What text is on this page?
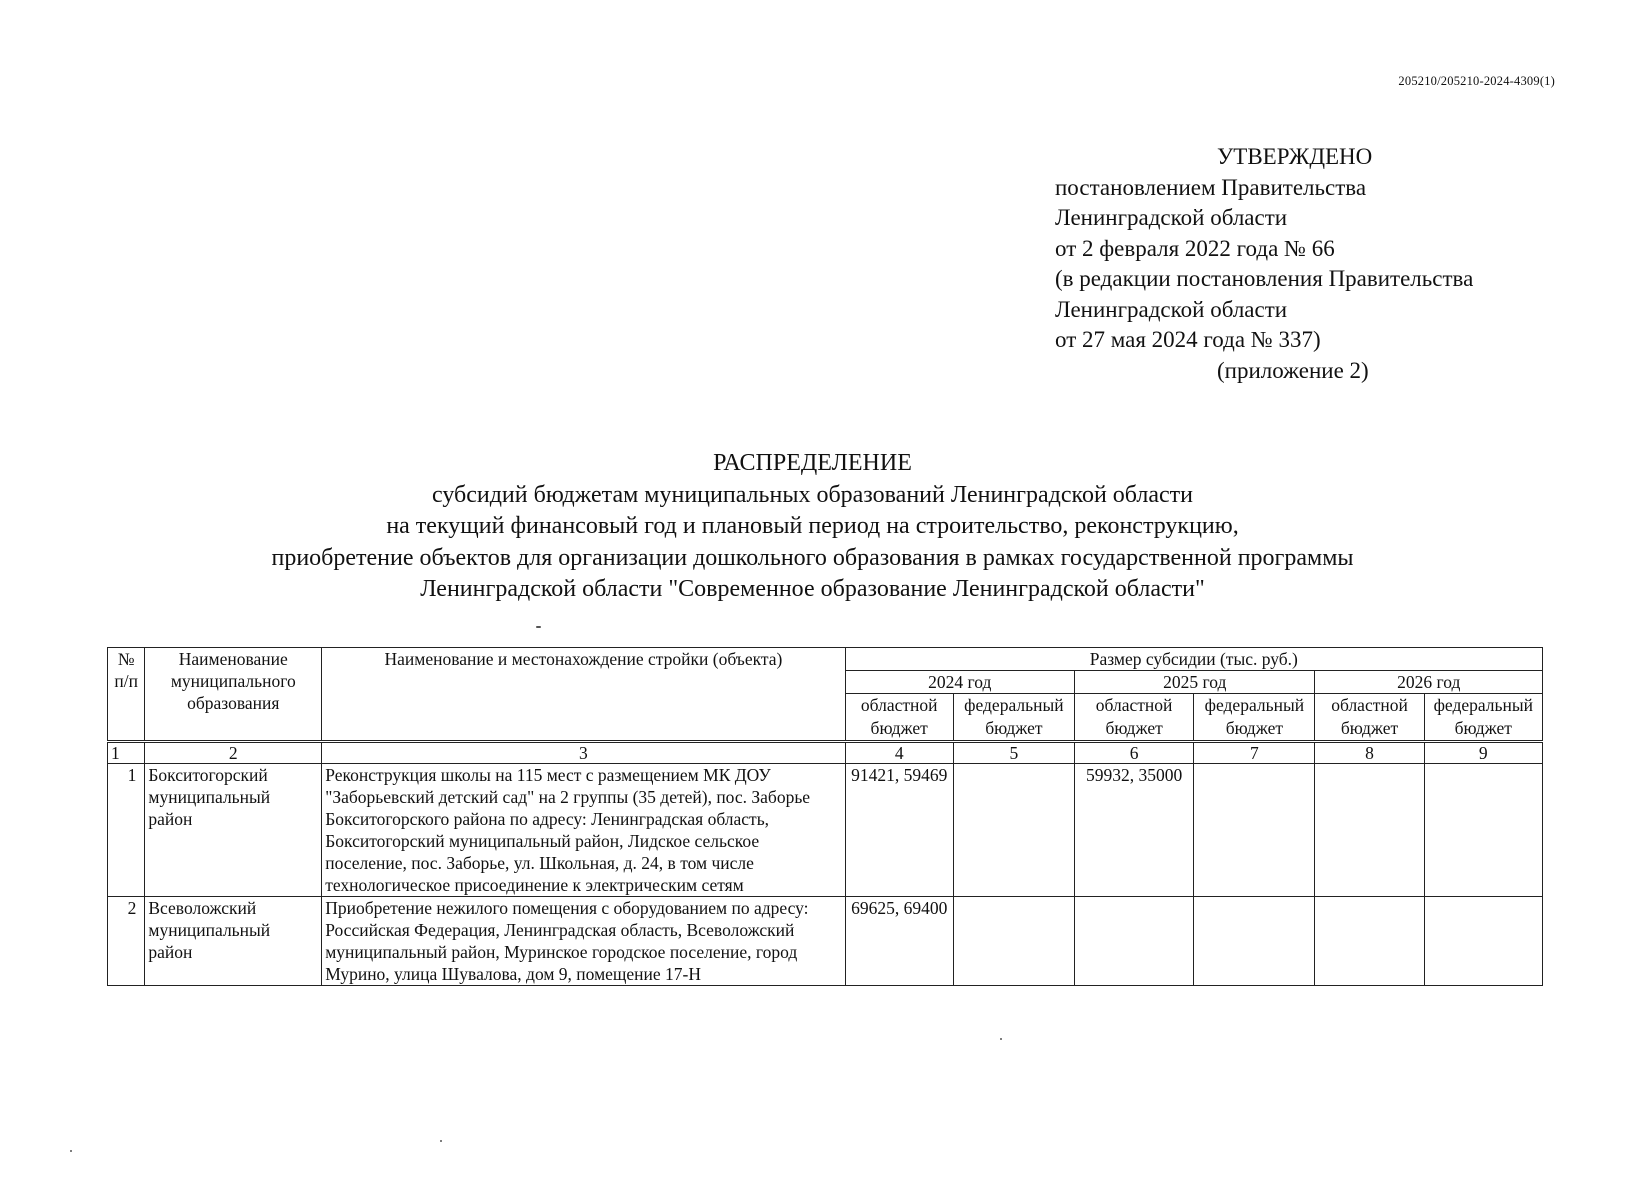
205210/205210-2024-4309(1)
УТВЕРЖДЕНО
постановлением Правительства
Ленинградской области
от 2 февраля 2022 года № 66
(в редакции постановления Правительства
Ленинградской области
от 27 мая 2024 года № 337)
(приложение 2)
РАСПРЕДЕЛЕНИЕ
субсидий бюджетам муниципальных образований Ленинградской области
на текущий финансовый год и плановый период на строительство, реконструкцию,
приобретение объектов для организации дошкольного образования в рамках государственной программы
Ленинградской области "Современное образование Ленинградской области"
№ п/п	Наименование муниципального образования	Наименование и местонахождение стройки (объекта)	Размер субсидии (тыс. руб.)					
			2024 год		2025 год		2026 год	
			областной бюджет	федеральный бюджет	областной бюджет	федеральный бюджет	областной бюджет	федеральный бюджет
1	2	3	4	5	6	7	8	9
1	Бокситогорский муниципальный район	Реконструкция школы на 115 мест с размещением МК ДОУ "Заборьевский детский сад" на 2 группы (35 детей), пос. Заборье Бокситогорского района по адресу: Ленинградская область, Бокситогорский муниципальный район, Лидское сельское поселение, пос. Заборье, ул. Школьная, д. 24, в том числе технологическое присоединение к электрическим сетям	91421, 59469		59932, 35000			
2	Всеволожский муниципальный район	Приобретение нежилого помещения с оборудованием по адресу: Российская Федерация, Ленинградская область, Всеволожский муниципальный район, Муринское городское поселение, город Мурино, улица Шувалова, дом 9, помещение 17-Н	69625, 69400					
